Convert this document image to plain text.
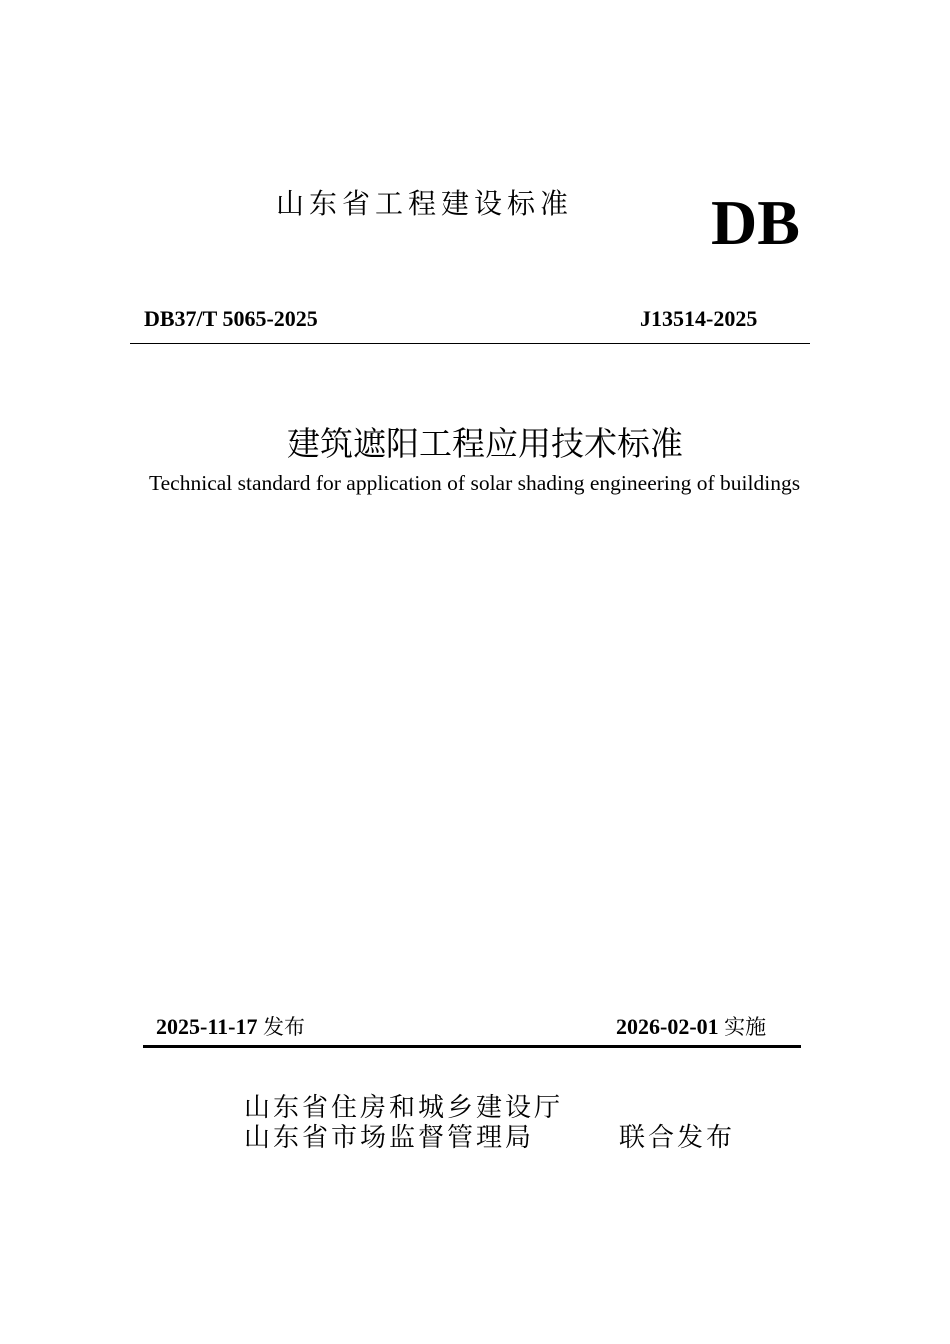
山东省工程建设标准 DB
DB37/T 5065-2025	J13514-2025
建筑遮阳工程应用技术标准
Technical standard for application of solar shading engineering of buildings
2025-11-17 发布	2026-02-01 实施
山东省住房和城乡建设厅
山东省市场监督管理局	联合发布
